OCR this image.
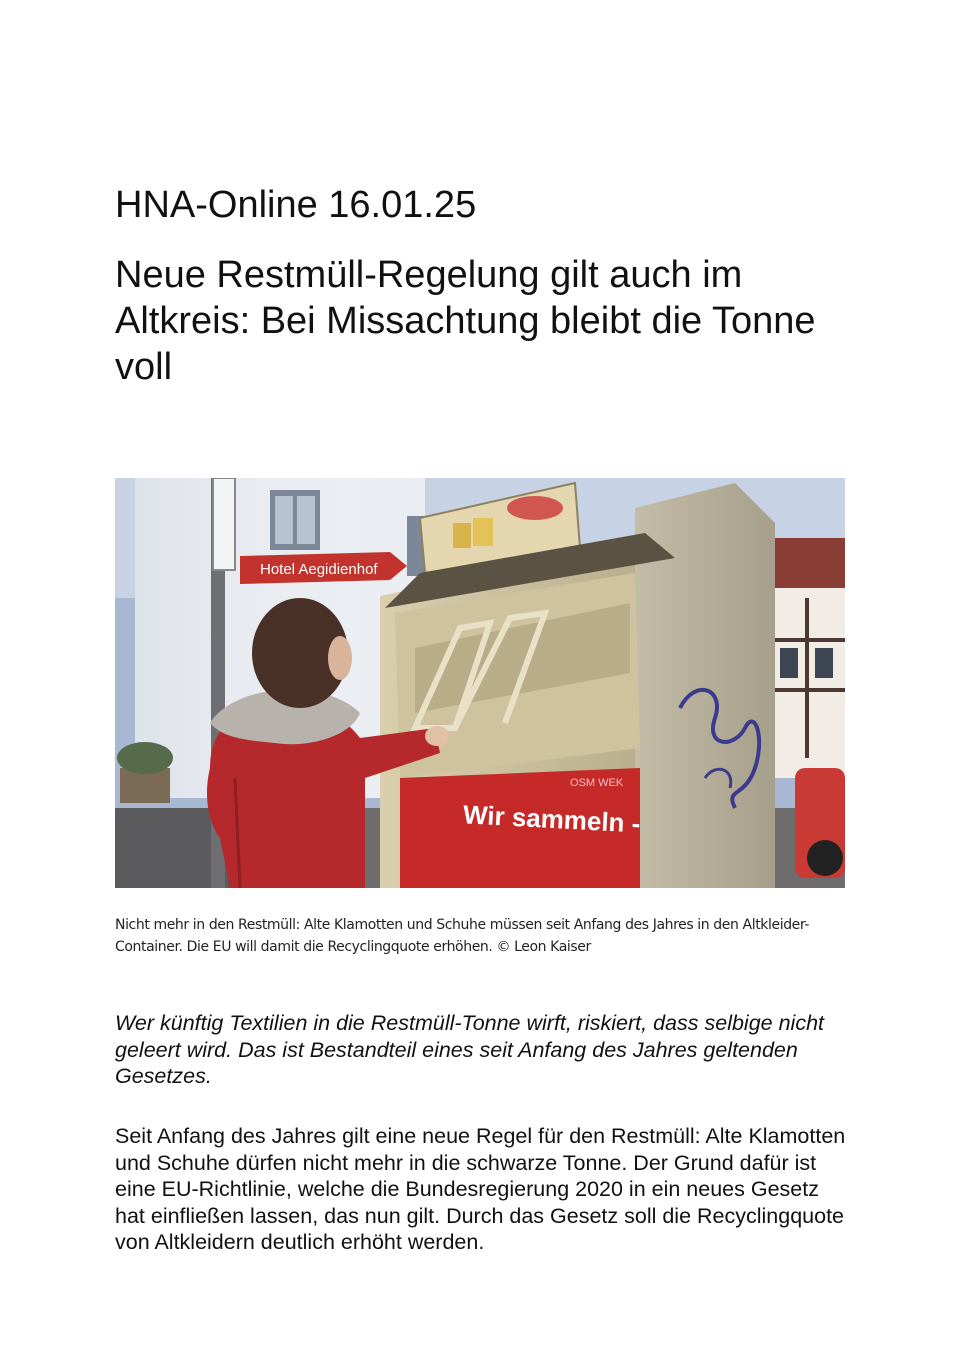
HNA-Online 16.01.25
Neue Restmüll-Regelung gilt auch im Altkreis: Bei Missachtung bleibt die Tonne voll
Hotel Aegidienhof
Wir sammeln -
OSM WEK
Nicht mehr in den Restmüll: Alte Klamotten und Schuhe müssen seit Anfang des Jahres in den Altkleider-Container. Die EU will damit die Recyclingquote erhöhen. © Leon Kaiser

Wer künftig Textilien in die Restmüll-Tonne wirft, riskiert, dass selbige nicht geleert wird. Das ist Bestandteil eines seit Anfang des Jahres geltenden Gesetzes.

Seit Anfang des Jahres gilt eine neue Regel für den Restmüll: Alte Klamotten und Schuhe dürfen nicht mehr in die schwarze Tonne. Der Grund dafür ist eine EU-Richtlinie, welche die Bundesregierung 2020 in ein neues Gesetz hat einfließen lassen, das nun gilt. Durch das Gesetz soll die Recyclingquote von Altkleidern deutlich erhöht werden.
